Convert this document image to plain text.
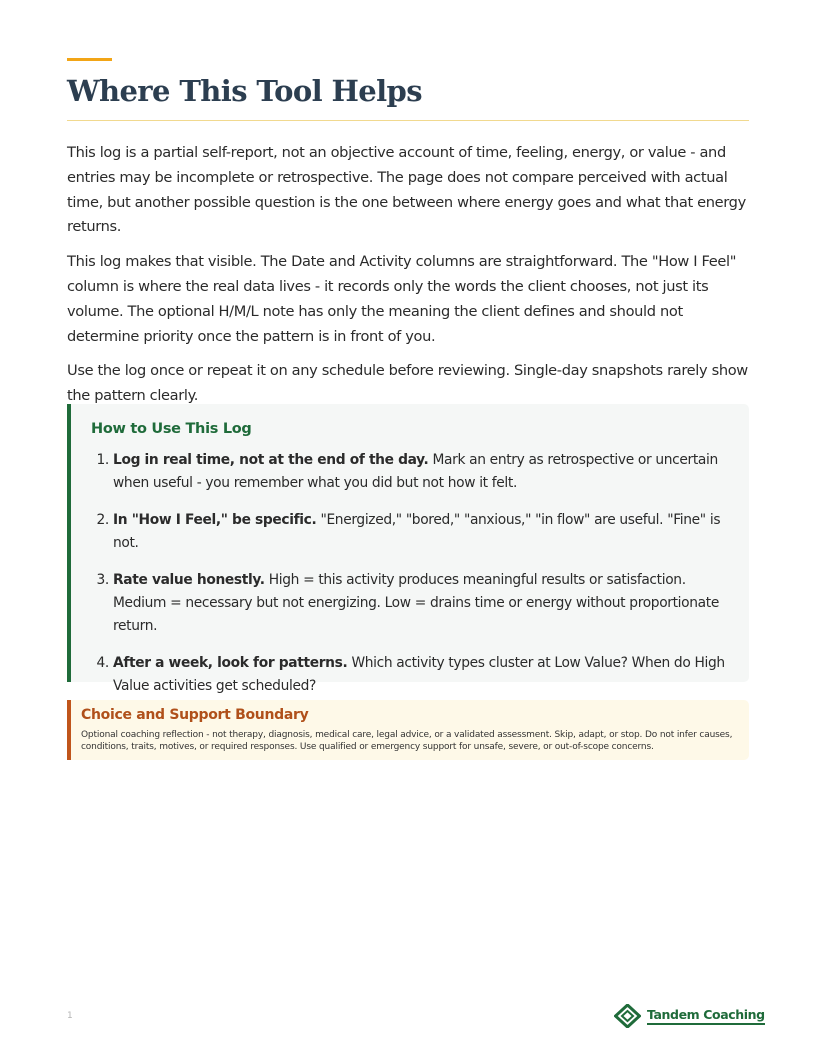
Where This Tool Helps

This log is a partial self-report, not an objective account of time, feeling, energy, or value - and entries may be incomplete or retrospective. The page does not compare perceived with actual time, but another possible question is the one between where energy goes and what that energy returns.

This log makes that visible. The Date and Activity columns are straightforward. The "How I Feel" column is where the real data lives - it records only the words the client chooses, not just its volume. The optional H/M/L note has only the meaning the client defines and should not determine priority once the pattern is in front of you.

Use the log once or repeat it on any schedule before reviewing. Single-day snapshots rarely show the pattern clearly.

How to Use This Log
1. Log in real time, not at the end of the day. Mark an entry as retrospective or uncertain when useful - you remember what you did but not how it felt.
2. In "How I Feel," be specific. "Energized," "bored," "anxious," "in flow" are useful. "Fine" is not.
3. Rate value honestly. High = this activity produces meaningful results or satisfaction. Medium = necessary but not energizing. Low = drains time or energy without proportionate return.
4. After a week, look for patterns. Which activity types cluster at Low Value? When do High Value activities get scheduled?
Choice and Support Boundary
Optional coaching reflection - not therapy, diagnosis, medical care, legal advice, or a validated assessment. Skip, adapt, or stop. Do not infer causes, conditions, traits, motives, or required responses. Use qualified or emergency support for unsafe, severe, or out-of-scope concerns.
1	Tandem Coaching
